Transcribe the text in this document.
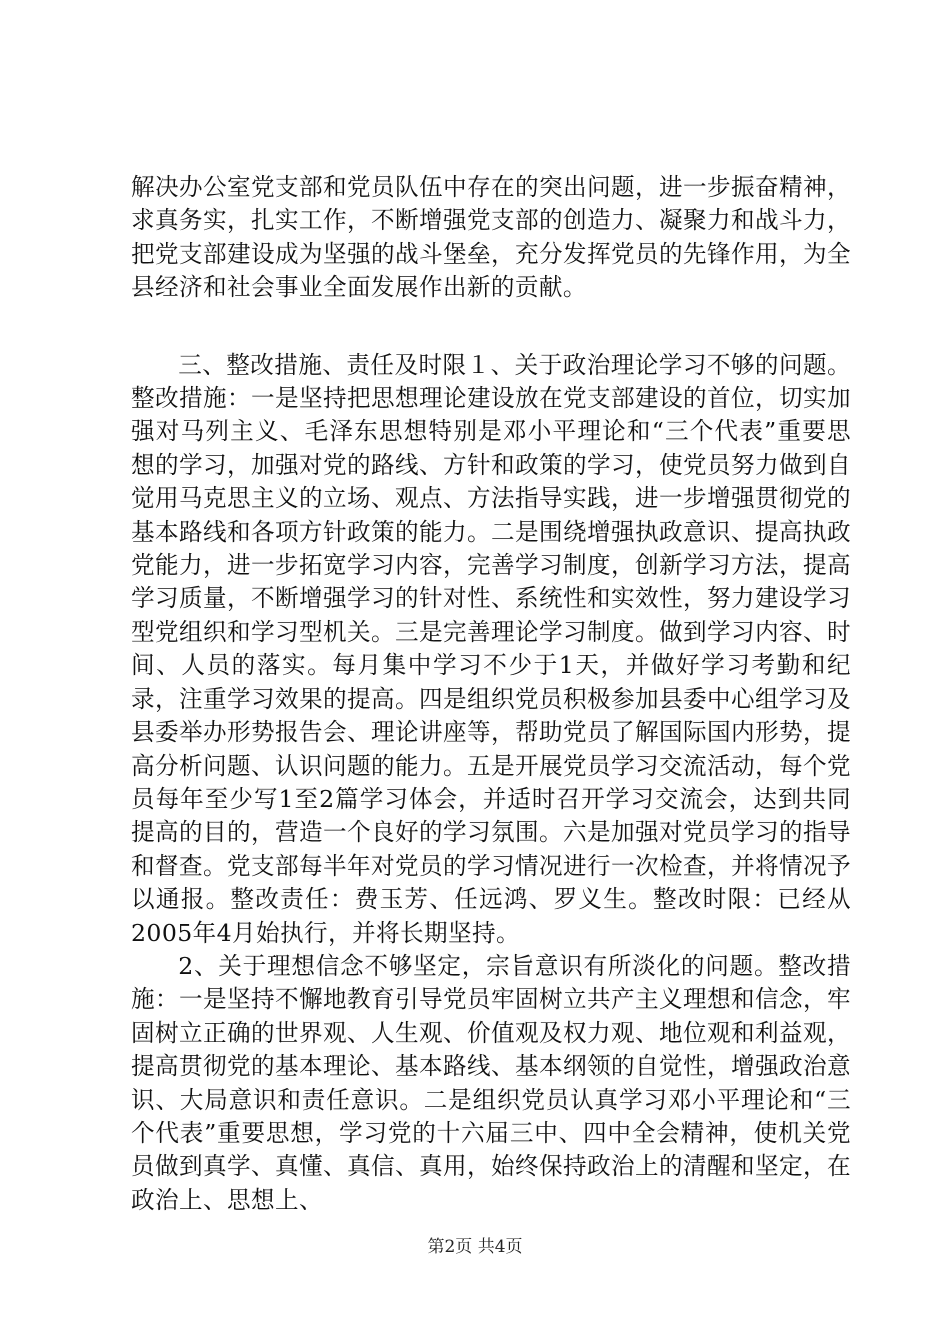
解决办公室党支部和党员队伍中存在的突出问题，进一步振奋精神，求真务实，扎实工作，不断增强党支部的创造力、凝聚力和战斗力，把党支部建设成为坚强的战斗堡垒，充分发挥党员的先锋作用，为全县经济和社会事业全面发展作出新的贡献。

三、整改措施、责任及时限１、关于政治理论学习不够的问题。整改措施：一是坚持把思想理论建设放在党支部建设的首位，切实加强对马列主义、毛泽东思想特别是邓小平理论和“三个代表”重要思想的学习，加强对党的路线、方针和政策的学习，使党员努力做到自觉用马克思主义的立场、观点、方法指导实践，进一步增强贯彻党的基本路线和各项方针政策的能力。二是围绕增强执政意识、提高执政党能力，进一步拓宽学习内容，完善学习制度，创新学习方法，提高学习质量，不断增强学习的针对性、系统性和实效性，努力建设学习型党组织和学习型机关。三是完善理论学习制度。做到学习内容、时间、人员的落实。每月集中学习不少于1天，并做好学习考勤和纪录，注重学习效果的提高。四是组织党员积极参加县委中心组学习及县委举办形势报告会、理论讲座等，帮助党员了解国际国内形势，提高分析问题、认识问题的能力。五是开展党员学习交流活动，每个党员每年至少写1至2篇学习体会，并适时召开学习交流会，达到共同提高的目的，营造一个良好的学习氛围。六是加强对党员学习的指导和督查。党支部每半年对党员的学习情况进行一次检查，并将情况予以通报。整改责任：费玉芳、任远鸿、罗义生。整改时限：已经从2005年4月始执行，并将长期坚持。

2、关于理想信念不够坚定，宗旨意识有所淡化的问题。整改措施：一是坚持不懈地教育引导党员牢固树立共产主义理想和信念，牢固树立正确的世界观、人生观、价值观及权力观、地位观和利益观，提高贯彻党的基本理论、基本路线、基本纲领的自觉性，增强政治意识、大局意识和责任意识。二是组织党员认真学习邓小平理论和“三个代表”重要思想，学习党的十六届三中、四中全会精神，使机关党员做到真学、真懂、真信、真用，始终保持政治上的清醒和坚定，在政治上、思想上、

第2页 共4页
